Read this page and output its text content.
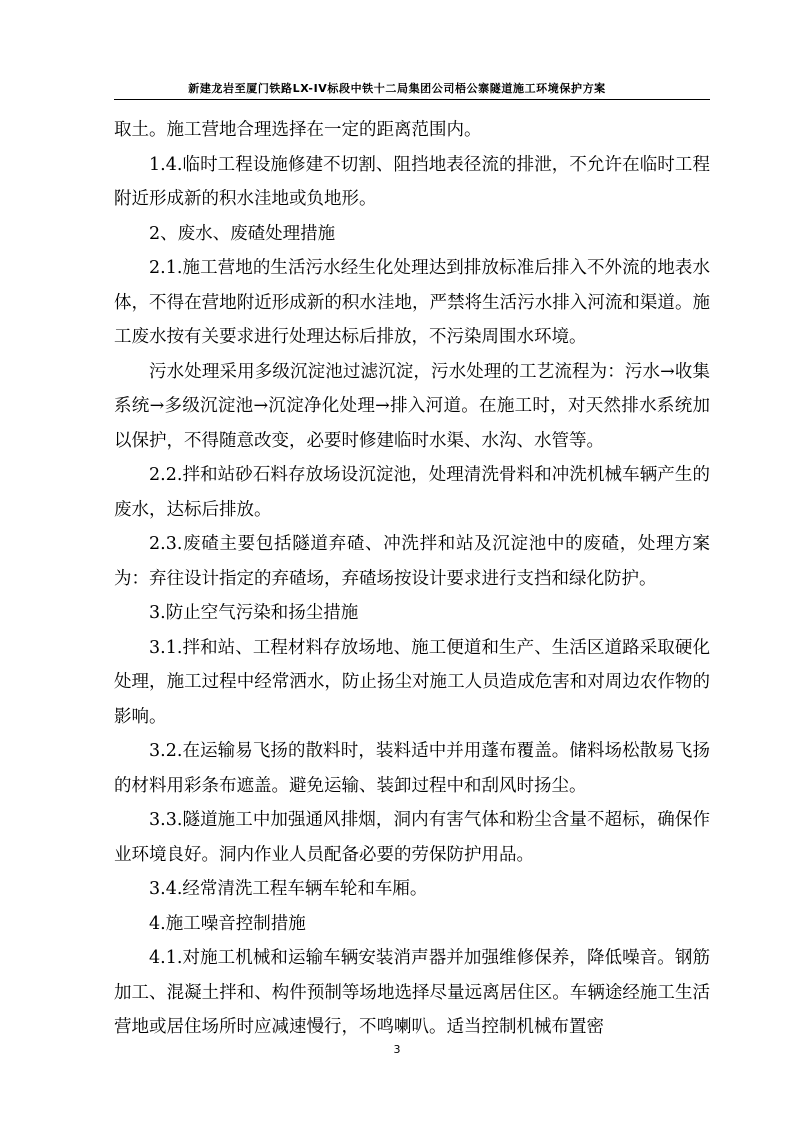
新建龙岩至厦门铁路LX-IV标段中铁十二局集团公司梧公寨隧道施工环境保护方案

取土。施工营地合理选择在一定的距离范围内。

1.4.临时工程设施修建不切割、阻挡地表径流的排泄，不允许在临时工程附近形成新的积水洼地或负地形。

2、废水、废碴处理措施

2.1.施工营地的生活污水经生化处理达到排放标准后排入不外流的地表水体，不得在营地附近形成新的积水洼地，严禁将生活污水排入河流和渠道。施工废水按有关要求进行处理达标后排放，不污染周围水环境。

污水处理采用多级沉淀池过滤沉淀，污水处理的工艺流程为：污水→收集系统→多级沉淀池→沉淀净化处理→排入河道。在施工时，对天然排水系统加以保护，不得随意改变，必要时修建临时水渠、水沟、水管等。

2.2.拌和站砂石料存放场设沉淀池，处理清洗骨料和冲洗机械车辆产生的废水，达标后排放。

2.3.废碴主要包括隧道弃碴、冲洗拌和站及沉淀池中的废碴，处理方案为：弃往设计指定的弃碴场，弃碴场按设计要求进行支挡和绿化防护。

3.防止空气污染和扬尘措施

3.1.拌和站、工程材料存放场地、施工便道和生产、生活区道路采取硬化处理，施工过程中经常洒水，防止扬尘对施工人员造成危害和对周边农作物的影响。

3.2.在运输易飞扬的散料时，装料适中并用蓬布覆盖。储料场松散易飞扬的材料用彩条布遮盖。避免运输、装卸过程中和刮风时扬尘。

3.3.隧道施工中加强通风排烟，洞内有害气体和粉尘含量不超标，确保作业环境良好。洞内作业人员配备必要的劳保防护用品。

3.4.经常清洗工程车辆车轮和车厢。

4.施工噪音控制措施

4.1.对施工机械和运输车辆安装消声器并加强维修保养，降低噪音。钢筋加工、混凝土拌和、构件预制等场地选择尽量远离居住区。车辆途经施工生活营地或居住场所时应减速慢行，不鸣喇叭。适当控制机械布置密

3
